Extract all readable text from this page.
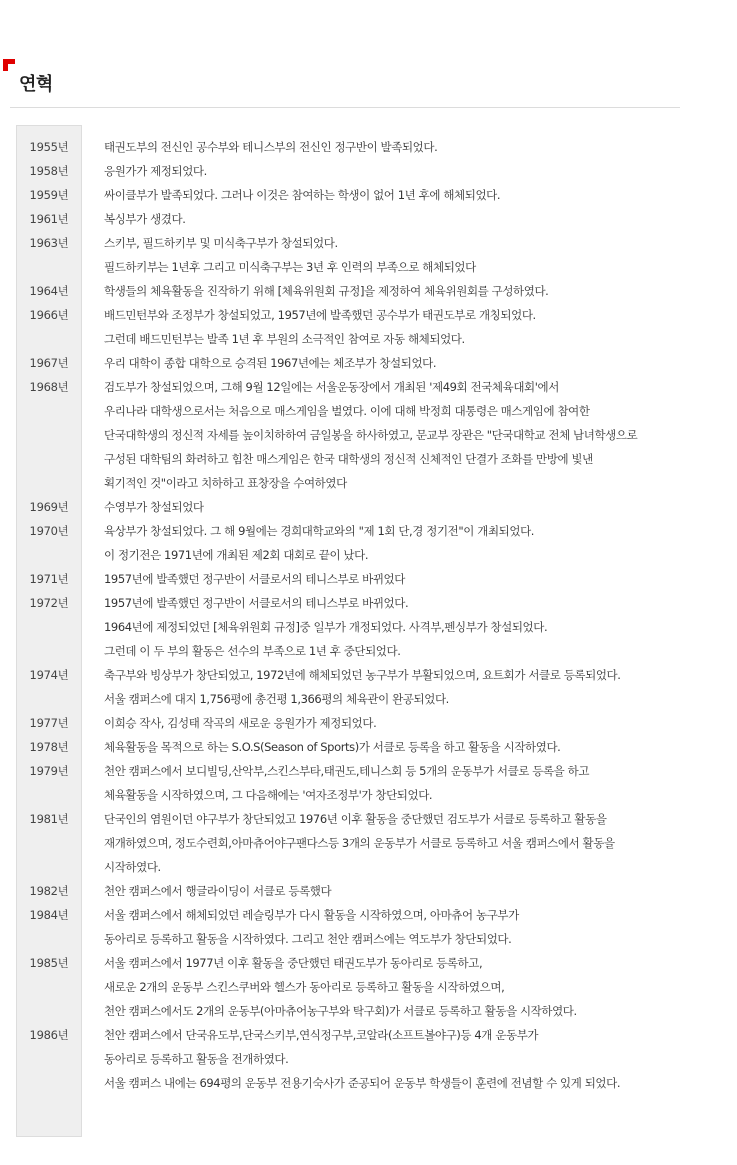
연혁
1955년	태권도부의 전신인 공수부와 테니스부의 전신인 정구반이 발족되었다.
1958년	응원가가 제정되었다.
1959년	싸이클부가 발족되었다. 그러나 이것은 참여하는 학생이 없어 1년 후에 해체되었다.
1961년	복싱부가 생겼다.
1963년	스키부, 필드하키부 및 미식축구부가 창설되었다.
필드하키부는 1년후 그리고 미식축구부는 3년 후 인력의 부족으로 해체되었다
1964년	학생들의 체육활동을 진작하기 위해 [체육위원회 규정]을 제정하여 체육위원회를 구성하였다.
1966년	배드민턴부와 조정부가 창설되었고, 1957년에 발족했던 공수부가 태권도부로 개칭되었다.
그런데 배드민턴부는 발족 1년 후 부원의 소극적인 참여로 자동 해체되었다.
1967년	우리 대학이 종합 대학으로 승격된 1967년에는 체조부가 창설되었다.
1968년	검도부가 창설되었으며, 그해 9월 12일에는 서울운동장에서 개최된 '제49회 전국체육대회'에서
우리나라 대학생으로서는 처음으로 매스게임을 벌였다. 이에 대해 박정희 대통령은 매스게임에 참여한
단국대학생의 정신적 자세를 높이치하하여 금일봉을 하사하였고, 문교부 장관은 "단국대학교 전체 남녀학생으로
구성된 대학팀의 화려하고 힘찬 매스게임은 한국 대학생의 정신적 신체적인 단결가 조화를 만방에 빛낸
획기적인 것"이라고 치하하고 표창장을 수여하였다
1969년	수영부가 창설되었다
1970년	육상부가 창설되었다. 그 해 9월에는 경희대학교와의 "제 1회 단,경 정기전"이 개최되었다.
이 정기전은 1971년에 개최된 제2회 대회로 끝이 났다.
1971년	1957년에 발족했던 정구반이 서클로서의 테니스부로 바뀌었다
1972년	1957년에 발족했던 정구반이 서클로서의 테니스부로 바뀌었다.
1964년에 제정되었던 [체육위원회 규정]중 일부가 개정되었다. 사격부,펜싱부가 창설되었다.
그런데 이 두 부의 활동은 선수의 부족으로 1년 후 중단되었다.
1974년	축구부와 빙상부가 창단되었고, 1972년에 해체되었던 농구부가 부활되었으며, 요트회가 서클로 등록되었다.
서울 캠퍼스에 대지 1,756평에 총건평 1,366평의 체육관이 완공되었다.
1977년	이희승 작사, 김성태 작곡의 새로운 응원가가 제정되었다.
1978년	체육활동을 목적으로 하는 S.O.S(Season of Sports)가 서클로 등록을 하고 활동을 시작하였다.
1979년	천안 캠퍼스에서 보디빌딩,산악부,스킨스부타,태권도,테니스회 등 5개의 운동부가 서클로 등록을 하고
체육활동을 시작하였으며, 그 다음해에는 '여자조정부'가 창단되었다.
1981년	단국인의 염원이던 야구부가 창단되었고 1976년 이후 활동을 중단했던 검도부가 서클로 등록하고 활동을
재개하였으며, 정도수련회,아마츄어야구팬다스등 3개의 운동부가 서클로 등록하고 서울 캠퍼스에서 활동을
시작하였다.
1982년	천안 캠퍼스에서 행글라이딩이 서클로 등록했다
1984년	서울 캠퍼스에서 해체되었던 레슬링부가 다시 활동을 시작하였으며, 아마츄어 농구부가
동아리로 등록하고 활동을 시작하였다. 그리고 천안 캠퍼스에는 역도부가 창단되었다.
1985년	서울 캠퍼스에서 1977년 이후 활동을 중단했던 태권도부가 동아리로 등록하고,
새로운 2개의 운동부 스킨스쿠버와 헬스가 동아리로 등록하고 활동을 시작하였으며,
천안 캠퍼스에서도 2개의 운동부(아마츄어농구부와 탁구회)가 서클로 등록하고 활동을 시작하였다.
1986년	천안 캠퍼스에서 단국유도부,단국스키부,연식정구부,코알라(소프트볼야구)등 4개 운동부가
동아리로 등록하고 활동을 전개하였다.
서울 캠퍼스 내에는 694평의 운동부 전용기숙사가 준공되어 운동부 학생들이 훈련에 전념할 수 있게 되었다.
